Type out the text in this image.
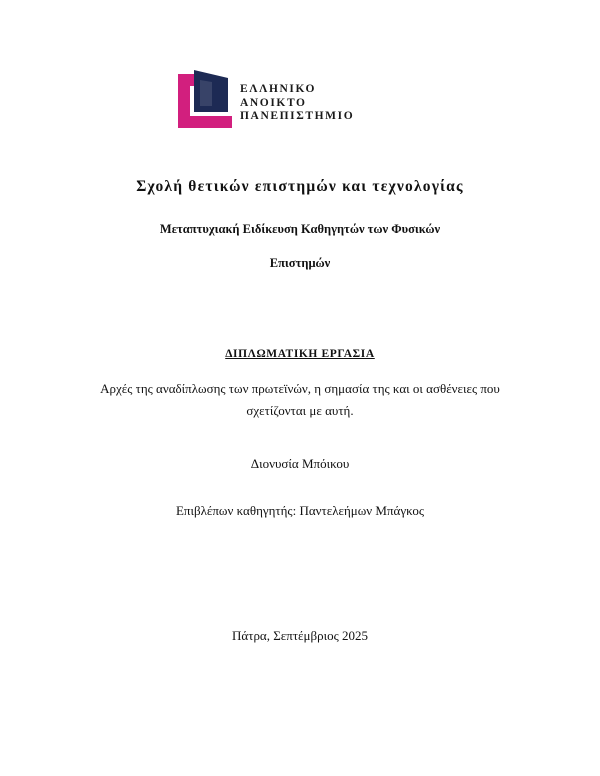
ΕΛΛΗΝΙΚΟ
ΑΝΟΙΚΤΟ
ΠΑΝΕΠΙΣΤΗΜΙΟ
Σχολή θετικών επιστημών και τεχνολογίας
Μεταπτυχιακή Ειδίκευση Καθηγητών των Φυσικών
Επιστημών
ΔΙΠΛΩΜΑΤΙΚΗ ΕΡΓΑΣΙΑ
Αρχές της αναδίπλωσης των πρωτεϊνών, η σημασία της και οι ασθένειες που
σχετίζονται με αυτή.
Διονυσία Μπόικου
Επιβλέπων καθηγητής: Παντελεήμων Μπάγκος
Πάτρα, Σεπτέμβριος 2025
